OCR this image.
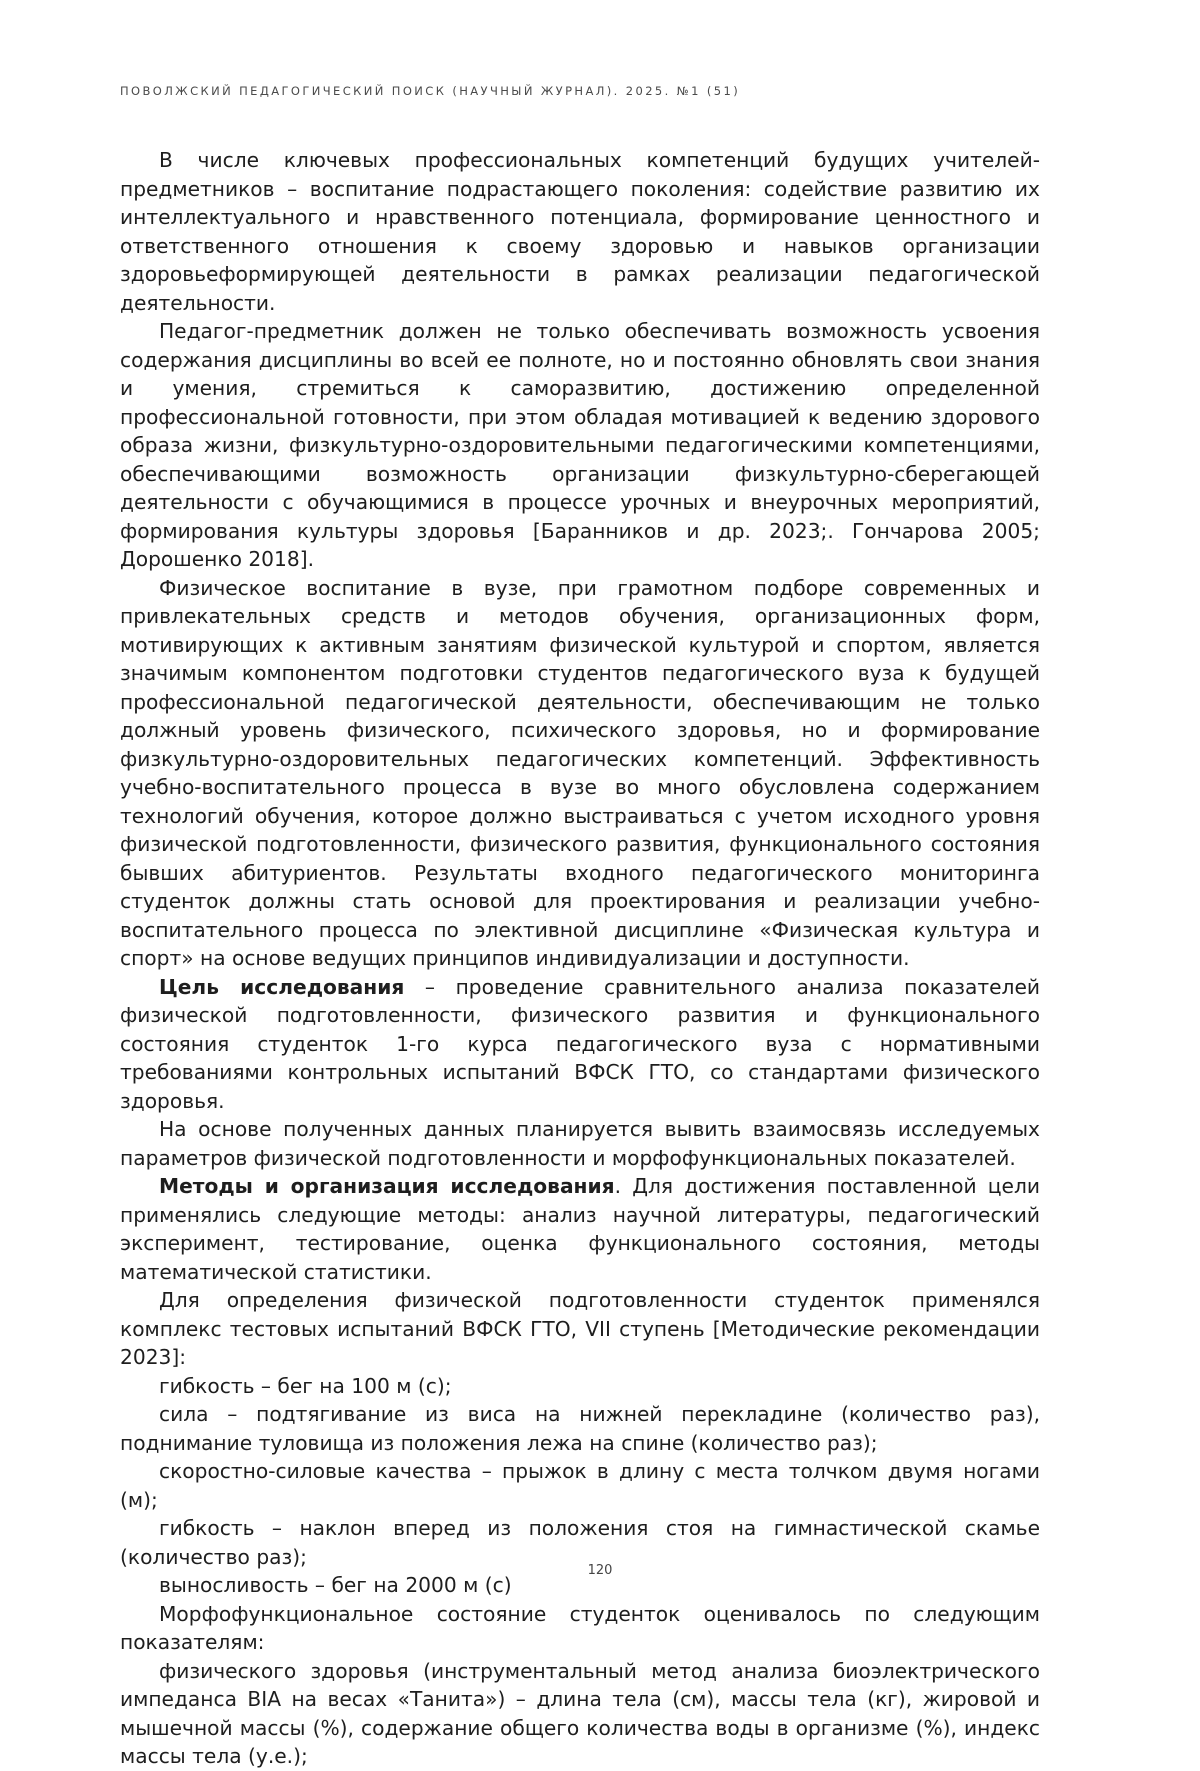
ПОВОЛЖСКИЙ ПЕДАГОГИЧЕСКИЙ ПОИСК (НАУЧНЫЙ ЖУРНАЛ). 2025. №1 (51)

В числе ключевых профессиональных компетенций будущих учителей-предметников – воспитание подрастающего поколения: содействие развитию их интеллектуального и нравственного потенциала, формирование ценностного и ответственного отношения к своему здоровью и навыков организации здоровьеформирующей деятельности в рамках реализации педагогической деятельности.

Педагог-предметник должен не только обеспечивать возможность усвоения содержания дисциплины во всей ее полноте, но и постоянно обновлять свои знания и умения, стремиться к саморазвитию, достижению определенной профессиональной готовности, при этом обладая мотивацией к ведению здорового образа жизни, физкультурно-оздоровительными педагогическими компетенциями, обеспечивающими возможность организации физкультурно-сберегающей деятельности с обучающимися в процессе урочных и внеурочных мероприятий, формирования культуры здоровья [Баранников и др. 2023;. Гончарова 2005; Дорошенко 2018].

Физическое воспитание в вузе, при грамотном подборе современных и привлекательных средств и методов обучения, организационных форм, мотивирующих к активным занятиям физической культурой и спортом, является значимым компонентом подготовки студентов педагогического вуза к будущей профессиональной педагогической деятельности, обеспечивающим не только должный уровень физического, психического здоровья, но и формирование физкультурно-оздоровительных педагогических компетенций. Эффективность учебно-воспитательного процесса в вузе во много обусловлена содержанием технологий обучения, которое должно выстраиваться с учетом исходного уровня физической подготовленности, физического развития, функционального состояния бывших абитуриентов. Результаты входного педагогического мониторинга студенток должны стать основой для проектирования и реализации учебно-воспитательного процесса по элективной дисциплине «Физическая культура и спорт» на основе ведущих принципов индивидуализации и доступности.

Цель исследования – проведение сравнительного анализа показателей физической подготовленности, физического развития и функционального состояния студенток 1-го курса педагогического вуза с нормативными требованиями контрольных испытаний ВФСК ГТО, со стандартами физического здоровья.

На основе полученных данных планируется вывить взаимосвязь исследуемых параметров физической подготовленности и морфофункциональных показателей.

Методы и организация исследования. Для достижения поставленной цели применялись следующие методы: анализ научной литературы, педагогический эксперимент, тестирование, оценка функционального состояния, методы математической статистики.

Для определения физической подготовленности студенток применялся комплекс тестовых испытаний ВФСК ГТО, VII ступень [Методические рекомендации 2023]:

гибкость – бег на 100 м (с);

сила – подтягивание из виса на нижней перекладине (количество раз), поднимание туловища из положения лежа на спине (количество раз);

скоростно-силовые качества – прыжок в длину с места толчком двумя ногами (м);

гибкость – наклон вперед из положения стоя на гимнастической скамье (количество раз);

выносливость – бег на 2000 м (с)

Морфофункциональное состояние студенток оценивалось по следующим показателям:

физического здоровья (инструментальный метод анализа биоэлектрического импеданса BIA на весах «Танита») – длина тела (см), массы тела (кг), жировой и мышечной массы (%), содержание общего количества воды в организме (%), индекс массы тела (у.е.);

120
